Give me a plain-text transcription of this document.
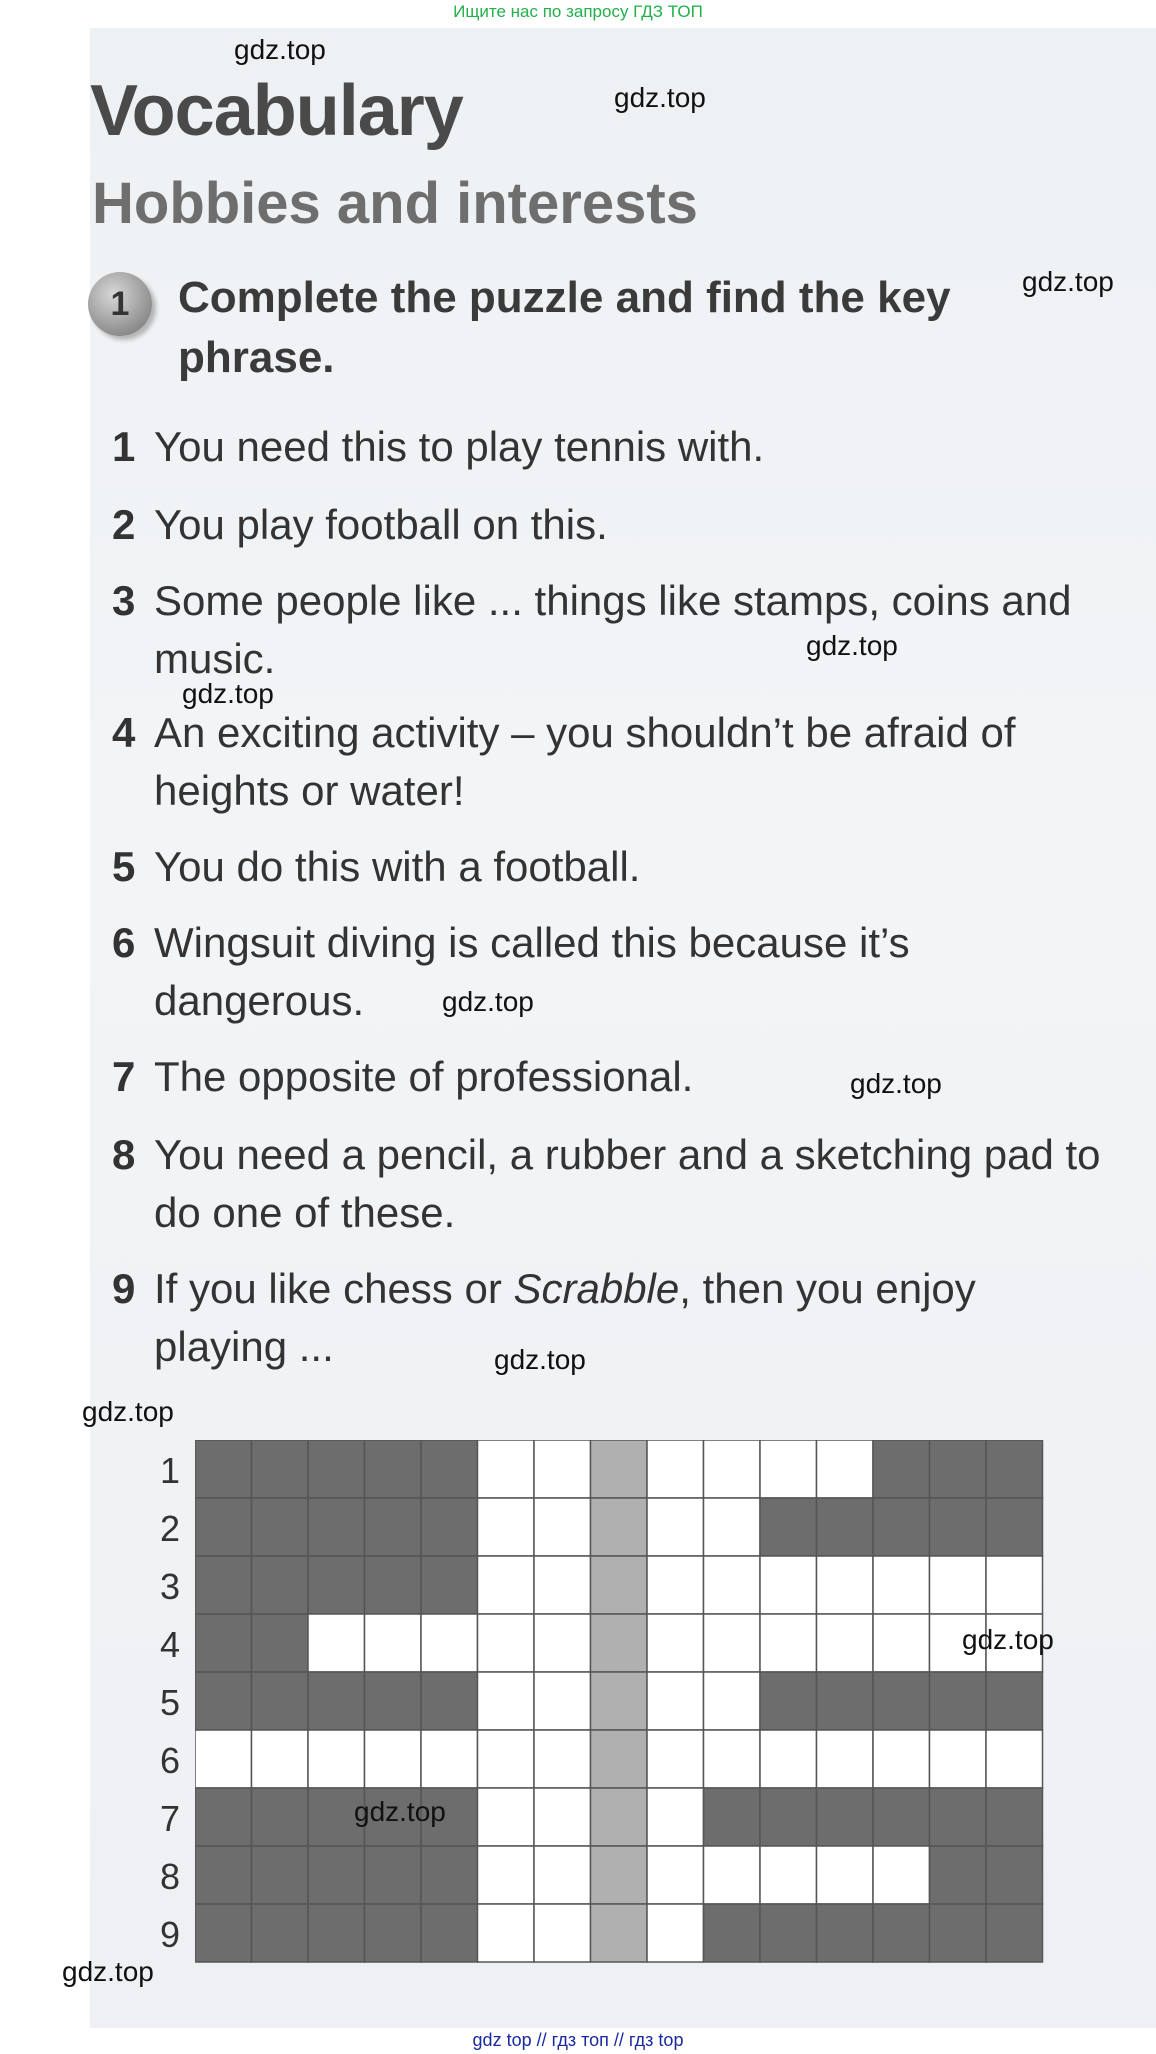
Ищите нас по запросу ГДЗ ТОП
Vocabulary
Hobbies and interests
1	Complete the puzzle and find the key phrase.
1 You need this to play tennis with.
2 You play football on this.
3 Some people like ... things like stamps, coins and music.
4 An exciting activity – you shouldn’t be afraid of heights or water!
5 You do this with a football.
6 Wingsuit diving is called this because it’s dangerous.
7 The opposite of professional.
8 You need a pencil, a rubber and a sketching pad to do one of these.
9 If you like chess or Scrabble, then you enjoy playing ...
1
2
3
4
5
6
7
8
9
gdz.top
gdz.top
gdz.top
gdz.top
gdz.top
gdz.top
gdz.top
gdz.top
gdz.top
gdz.top
gdz.top
gdz.top
gdz top // гдз топ // гдз top
